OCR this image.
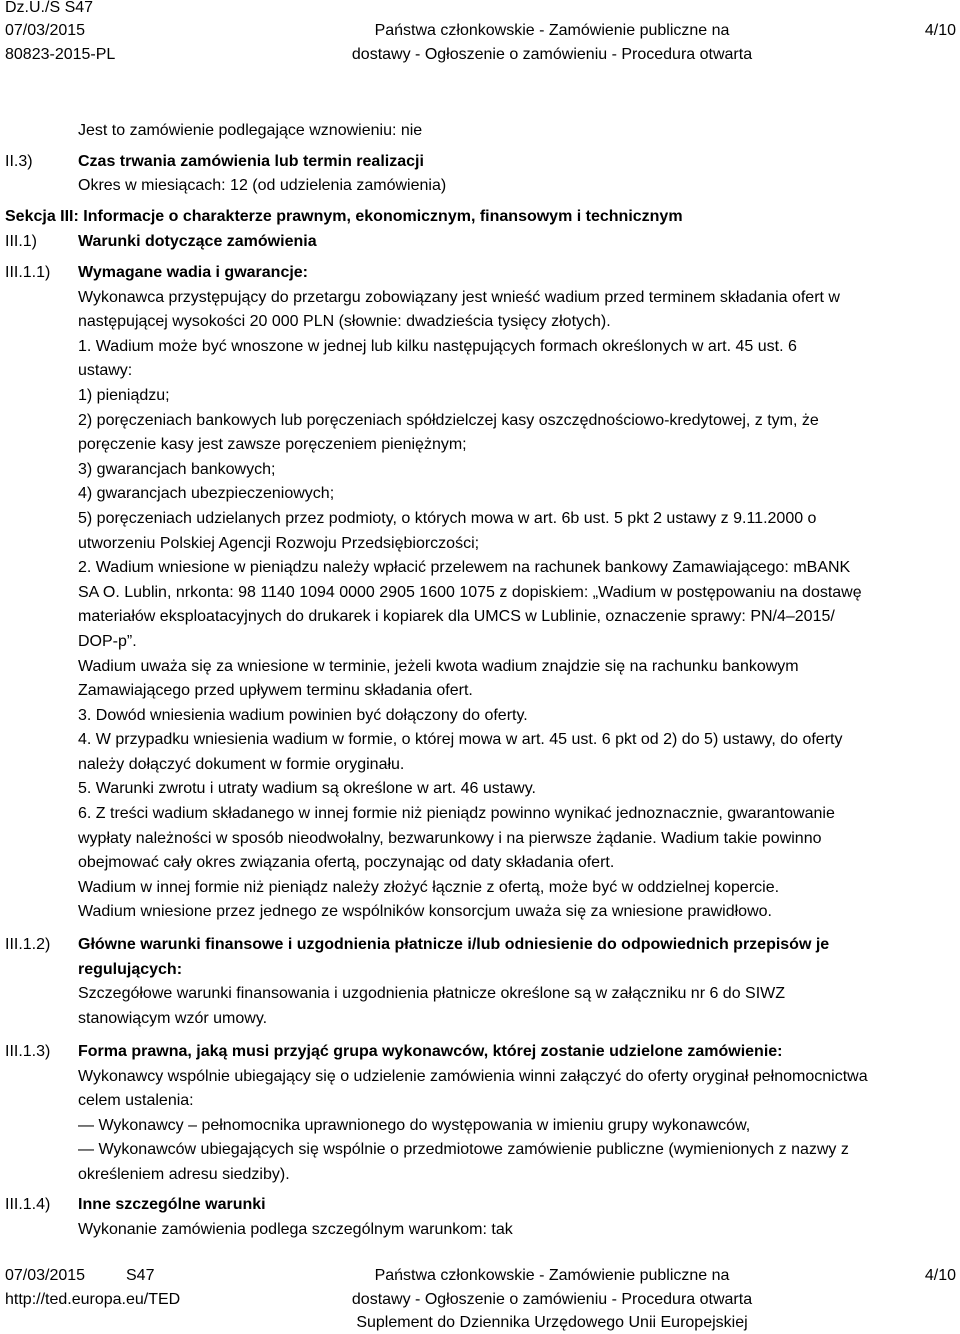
Dz.U./S S47
07/03/2015
80823-2015-PL
Państwa członkowskie - Zamówienie publiczne na
dostawy - Ogłoszenie o zamówieniu - Procedura otwarta
4/10
Jest to zamówienie podlegające wznowieniu: nie
II.3)	Czas trwania zamówienia lub termin realizacji
Okres w miesiącach: 12 (od udzielenia zamówienia)
Sekcja III: Informacje o charakterze prawnym, ekonomicznym, finansowym i technicznym
III.1)	Warunki dotyczące zamówienia
III.1.1) Wymagane wadia i gwarancje:
Wykonawca przystępujący do przetargu zobowiązany jest wnieść wadium przed terminem składania ofert w
następującej wysokości 20 000 PLN (słownie: dwadzieścia tysięcy złotych).
1. Wadium może być wnoszone w jednej lub kilku następujących formach określonych w art. 45 ust. 6
ustawy:
1) pieniądzu;
2) poręczeniach bankowych lub poręczeniach spółdzielczej kasy oszczędnościowo-kredytowej, z tym, że
poręczenie kasy jest zawsze poręczeniem pieniężnym;
3) gwarancjach bankowych;
4) gwarancjach ubezpieczeniowych;
5) poręczeniach udzielanych przez podmioty, o których mowa w art. 6b ust. 5 pkt 2 ustawy z 9.11.2000 o
utworzeniu Polskiej Agencji Rozwoju Przedsiębiorczości;
2. Wadium wniesione w pieniądzu należy wpłacić przelewem na rachunek bankowy Zamawiającego: mBANK
SA O. Lublin, nrkonta: 98 1140 1094 0000 2905 1600 1075 z dopiskiem: „Wadium w postępowaniu na dostawę
materiałów eksploatacyjnych do drukarek i kopiarek dla UMCS w Lublinie, oznaczenie sprawy: PN/4–2015/
DOP-p”.
Wadium uważa się za wniesione w terminie, jeżeli kwota wadium znajdzie się na rachunku bankowym
Zamawiającego przed upływem terminu składania ofert.
3. Dowód wniesienia wadium powinien być dołączony do oferty.
4. W przypadku wniesienia wadium w formie, o której mowa w art. 45 ust. 6 pkt od 2) do 5) ustawy, do oferty
należy dołączyć dokument w formie oryginału.
5. Warunki zwrotu i utraty wadium są określone w art. 46 ustawy.
6. Z treści wadium składanego w innej formie niż pieniądz powinno wynikać jednoznacznie, gwarantowanie
wypłaty należności w sposób nieodwołalny, bezwarunkowy i na pierwsze żądanie. Wadium takie powinno
obejmować cały okres związania ofertą, poczynając od daty składania ofert.
Wadium w innej formie niż pieniądz należy złożyć łącznie z ofertą, może być w oddzielnej kopercie.
Wadium wniesione przez jednego ze wspólników konsorcjum uważa się za wniesione prawidłowo.
III.1.2) Główne warunki finansowe i uzgodnienia płatnicze i/lub odniesienie do odpowiednich przepisów je
regulujących:
Szczegółowe warunki finansowania i uzgodnienia płatnicze określone są w załączniku nr 6 do SIWZ
stanowiącym wzór umowy.
III.1.3) Forma prawna, jaką musi przyjąć grupa wykonawców, której zostanie udzielone zamówienie:
Wykonawcy wspólnie ubiegający się o udzielenie zamówienia winni załączyć do oferty oryginał pełnomocnictwa
celem ustalenia:
— Wykonawcy – pełnomocnika uprawnionego do występowania w imieniu grupy wykonawców,
— Wykonawców ubiegających się wspólnie o przedmiotowe zamówienie publiczne (wymienionych z nazwy z
określeniem adresu siedziby).
III.1.4) Inne szczególne warunki
Wykonanie zamówienia podlega szczególnym warunkom: tak
07/03/2015	S47
http://ted.europa.eu/TED
Państwa członkowskie - Zamówienie publiczne na
dostawy - Ogłoszenie o zamówieniu - Procedura otwarta
Suplement do Dziennika Urzędowego Unii Europejskiej
4/10
